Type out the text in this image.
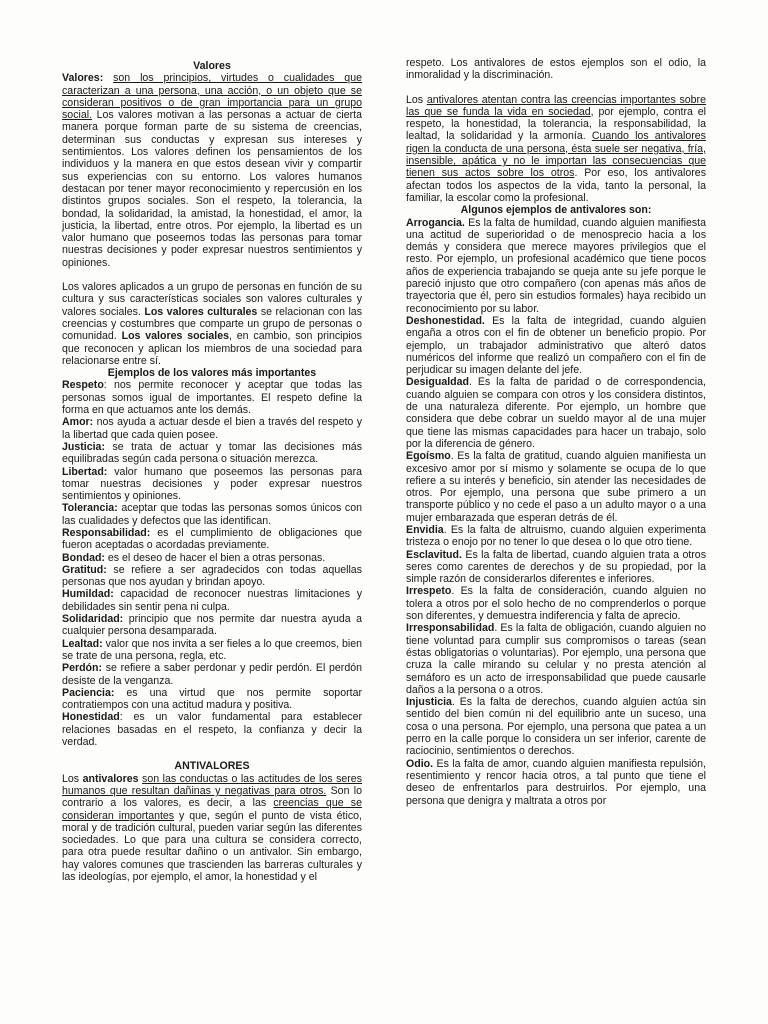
Valores

Valores: son los principios, virtudes o cualidades que caracterizan a una persona, una acción, o un objeto que se consideran positivos o de gran importancia para un grupo social. Los valores motivan a las personas a actuar de cierta manera porque forman parte de su sistema de creencias, determinan sus conductas y expresan sus intereses y sentimientos. Los valores definen los pensamientos de los individuos y la manera en que estos desean vivir y compartir sus experiencias con su entorno. Los valores humanos destacan por tener mayor reconocimiento y repercusión en los distintos grupos sociales. Son el respeto, la tolerancia, la bondad, la solidaridad, la amistad, la honestidad, el amor, la justicia, la libertad, entre otros. Por ejemplo, la libertad es un valor humano que poseemos todas las personas para tomar nuestras decisiones y poder expresar nuestros sentimientos y opiniones.

Los valores aplicados a un grupo de personas en función de su cultura y sus características sociales son valores culturales y valores sociales. Los valores culturales se relacionan con las creencias y costumbres que comparte un grupo de personas o comunidad. Los valores sociales, en cambio, son principios que reconocen y aplican los miembros de una sociedad para relacionarse entre sí.

Ejemplos de los valores más importantes

Respeto: nos permite reconocer y aceptar que todas las personas somos igual de importantes. El respeto define la forma en que actuamos ante los demás.

Amor: nos ayuda a actuar desde el bien a través del respeto y la libertad que cada quien posee.

Justicia: se trata de actuar y tomar las decisiones más equilibradas según cada persona o situación merezca.

Libertad: valor humano que poseemos las personas para tomar nuestras decisiones y poder expresar nuestros sentimientos y opiniones.

Tolerancia: aceptar que todas las personas somos únicos con las cualidades y defectos que las identifican.

Responsabilidad: es el cumplimiento de obligaciones que fueron aceptadas o acordadas previamente.

Bondad: es el deseo de hacer el bien a otras personas.

Gratitud: se refiere a ser agradecidos con todas aquellas personas que nos ayudan y brindan apoyo.

Humildad: capacidad de reconocer nuestras limitaciones y debilidades sin sentir pena ni culpa.

Solidaridad: principio que nos permite dar nuestra ayuda a cualquier persona desamparada.

Lealtad: valor que nos invita a ser fieles a lo que creemos, bien se trate de una persona, regla, etc.

Perdón: se refiere a saber perdonar y pedir perdón. El perdón desiste de la venganza.

Paciencia: es una virtud que nos permite soportar contratiempos con una actitud madura y positiva.

Honestidad: es un valor fundamental para establecer relaciones basadas en el respeto, la confianza y decir la verdad.

ANTIVALORES

Los antivalores son las conductas o las actitudes de los seres humanos que resultan dañinas y negativas para otros. Son lo contrario a los valores, es decir, a las creencias que se consideran importantes y que, según el punto de vista ético, moral y de tradición cultural, pueden variar según las diferentes sociedades. Lo que para una cultura se considera correcto, para otra puede resultar dañino o un antivalor. Sin embargo, hay valores comunes que trascienden las barreras culturales y las ideologías, por ejemplo, el amor, la honestidad y el

respeto. Los antivalores de estos ejemplos son el odio, la inmoralidad y la discriminación.

Los antivalores atentan contra las creencias importantes sobre las que se funda la vida en sociedad, por ejemplo, contra el respeto, la honestidad, la tolerancia, la responsabilidad, la lealtad, la solidaridad y la armonía. Cuando los antivalores rigen la conducta de una persona, ésta suele ser negativa, fría, insensible, apática y no le importan las consecuencias que tienen sus actos sobre los otros. Por eso, los antivalores afectan todos los aspectos de la vida, tanto la personal, la familiar, la escolar como la profesional.

Algunos ejemplos de antivalores son:

Arrogancia. Es la falta de humildad, cuando alguien manifiesta una actitud de superioridad o de menosprecio hacia a los demás y considera que merece mayores privilegios que el resto. Por ejemplo, un profesional académico que tiene pocos años de experiencia trabajando se queja ante su jefe porque le pareció injusto que otro compañero (con apenas más años de trayectoria que él, pero sin estudios formales) haya recibido un reconocimiento por su labor.

Deshonestidad. Es la falta de integridad, cuando alguien engaña a otros con el fin de obtener un beneficio propio. Por ejemplo, un trabajador administrativo que alteró datos numéricos del informe que realizó un compañero con el fin de perjudicar su imagen delante del jefe.

Desigualdad. Es la falta de paridad o de correspondencia, cuando alguien se compara con otros y los considera distintos, de una naturaleza diferente. Por ejemplo, un hombre que considera que debe cobrar un sueldo mayor al de una mujer que tiene las mismas capacidades para hacer un trabajo, solo por la diferencia de género.

Egoísmo. Es la falta de gratitud, cuando alguien manifiesta un excesivo amor por sí mismo y solamente se ocupa de lo que refiere a su interés y beneficio, sin atender las necesidades de otros. Por ejemplo, una persona que sube primero a un transporte público y no cede el paso a un adulto mayor o a una mujer embarazada que esperan detrás de él.

Envidia. Es la falta de altruismo, cuando alguien experimenta tristeza o enojo por no tener lo que desea o lo que otro tiene.

Esclavitud. Es la falta de libertad, cuando alguien trata a otros seres como carentes de derechos y de su propiedad, por la simple razón de considerarlos diferentes e inferiores.

Irrespeto. Es la falta de consideración, cuando alguien no tolera a otros por el solo hecho de no comprenderlos o porque son diferentes, y demuestra indiferencia y falta de aprecio.

Irresponsabilidad. Es la falta de obligación, cuando alguien no tiene voluntad para cumplir sus compromisos o tareas (sean éstas obligatorias o voluntarias). Por ejemplo, una persona que cruza la calle mirando su celular y no presta atención al semáforo es un acto de irresponsabilidad que puede causarle daños a la persona o a otros.

Injusticia. Es la falta de derechos, cuando alguien actúa sin sentido del bien común ni del equilibrio ante un suceso, una cosa o una persona. Por ejemplo, una persona que patea a un perro en la calle porque lo considera un ser inferior, carente de raciocinio, sentimientos o derechos.

Odio. Es la falta de amor, cuando alguien manifiesta repulsión, resentimiento y rencor hacia otros, a tal punto que tiene el deseo de enfrentarlos para destruirlos. Por ejemplo, una persona que denigra y maltrata a otros por
